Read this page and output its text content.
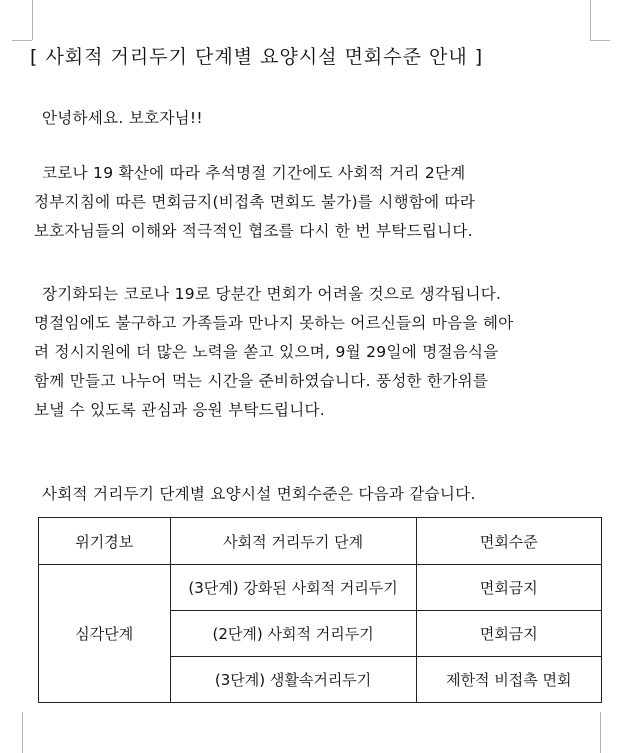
[ 사회적 거리두기 단계별 요양시설 면회수준 안내 ]
안녕하세요. 보호자님!!
코로나 19 확산에 따라 추석명절 기간에도 사회적 거리 2단계
정부지침에 따른 면회금지(비접촉 면회도 불가)를 시행함에 따라
보호자님들의 이해와 적극적인 협조를 다시 한 번 부탁드립니다.
장기화되는 코로나 19로 당분간 면회가 어려울 것으로 생각됩니다.
명절임에도 불구하고 가족들과 만나지 못하는 어르신들의 마음을 헤아
려 정시지원에 더 많은 노력을 쏟고 있으며, 9월 29일에 명절음식을
함께 만들고 나누어 먹는 시간을 준비하였습니다. 풍성한 한가위를
보낼 수 있도록 관심과 응원 부탁드립니다.
사회적 거리두기 단계별 요양시설 면회수준은 다음과 같습니다.
위기경보	사회적 거리두기 단계	면회수준
심각단계	(3단계) 강화된 사회적 거리두기	면회금지
	(2단계) 사회적 거리두기	면회금지
	(3단계) 생활속거리두기	제한적 비접촉 면회
